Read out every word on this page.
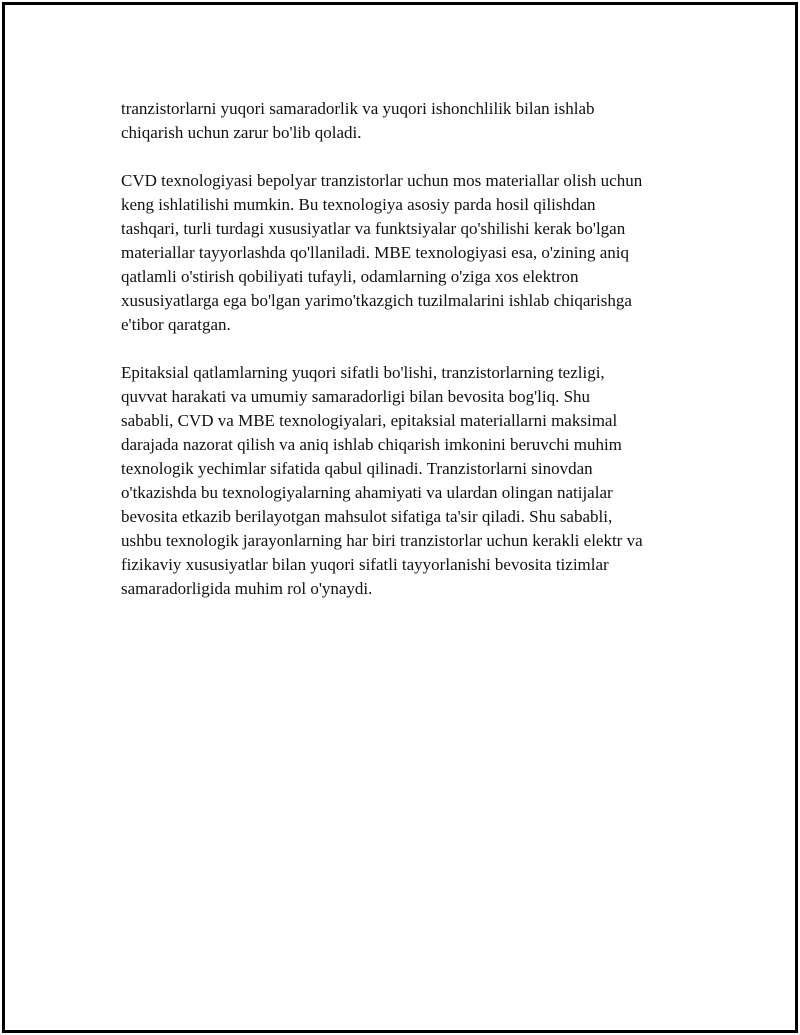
tranzistorlarni yuqori samaradorlik va yuqori ishonchlilik bilan ishlab
chiqarish uchun zarur bo'lib qoladi.

CVD texnologiyasi bepolyar tranzistorlar uchun mos materiallar olish uchun
keng ishlatilishi mumkin. Bu texnologiya asosiy parda hosil qilishdan
tashqari, turli turdagi xususiyatlar va funktsiyalar qo'shilishi kerak bo'lgan
materiallar tayyorlashda qo'llaniladi. MBE texnologiyasi esa, o'zining aniq
qatlamli o'stirish qobiliyati tufayli, odamlarning o'ziga xos elektron
xususiyatlarga ega bo'lgan yarimo'tkazgich tuzilmalarini ishlab chiqarishga
e'tibor qaratgan.

Epitaksial qatlamlarning yuqori sifatli bo'lishi, tranzistorlarning tezligi,
quvvat harakati va umumiy samaradorligi bilan bevosita bog'liq. Shu
sababli, CVD va MBE texnologiyalari, epitaksial materiallarni maksimal
darajada nazorat qilish va aniq ishlab chiqarish imkonini beruvchi muhim
texnologik yechimlar sifatida qabul qilinadi. Tranzistorlarni sinovdan
o'tkazishda bu texnologiyalarning ahamiyati va ulardan olingan natijalar
bevosita etkazib berilayotgan mahsulot sifatiga ta'sir qiladi. Shu sababli,
ushbu texnologik jarayonlarning har biri tranzistorlar uchun kerakli elektr va
fizikaviy xususiyatlar bilan yuqori sifatli tayyorlanishi bevosita tizimlar
samaradorligida muhim rol o'ynaydi.
